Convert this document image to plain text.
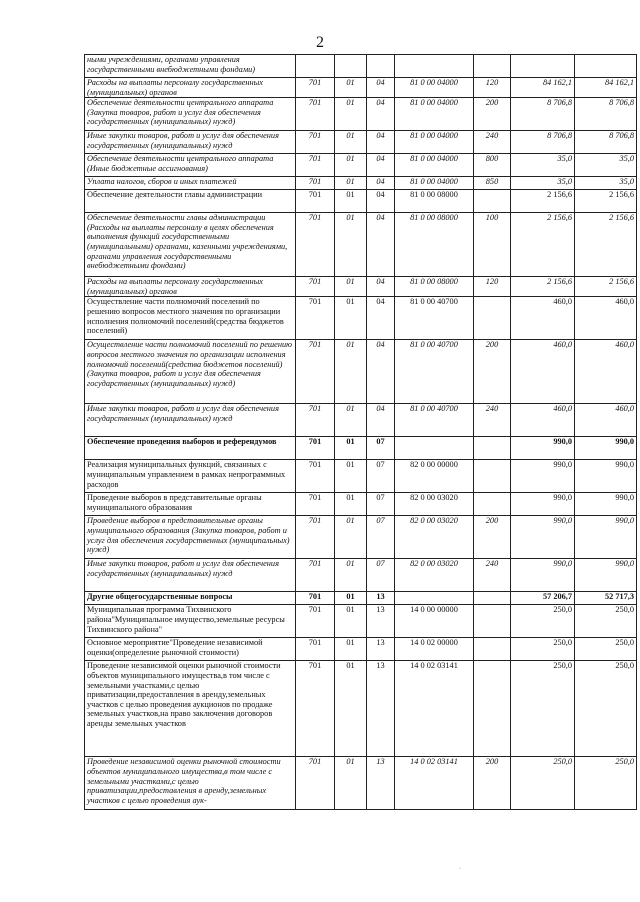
2
ными учреждениями, органами управления государственными внебюджетными фондами)							
Расходы на выплаты персоналу государственных (муниципальных) органов	701	01	04	81 0 00 04000	120	84 162,1	84 162,1
Обеспечение деятельности центрального аппарата (Закупка товаров, работ и услуг для обеспечения государственных (муниципальных) нужд)	701	01	04	81 0 00 04000	200	8 706,8	8 706,8
Иные закупки товаров, работ и услуг для обеспечения государственных (муниципальных) нужд	701	01	04	81 0 00 04000	240	8 706,8	8 706,8
Обеспечение деятельности центрального аппарата (Иные бюджетные ассигнования)	701	01	04	81 0 00 04000	800	35,0	35,0
Уплата налогов, сборов и иных платежей	701	01	04	81 0 00 04000	850	35,0	35,0
Обеспечение деятельности главы администрации	701	01	04	81 0 00 08000		2 156,6	2 156,6
Обеспечение деятельности главы администрации (Расходы на выплаты персоналу в целях обеспечения выполнения функций государственными (муниципальными) органами, казенными учреждениями, органами управления государственными внебюджетными фондами)	701	01	04	81 0 00 08000	100	2 156,6	2 156,6
Расходы на выплаты персоналу государственных (муниципальных) органов	701	01	04	81 0 00 08000	120	2 156,6	2 156,6
Осуществление части полномочий поселений по решению вопросов местного значения по организации исполнения полномочий поселений(средства бюджетов поселений)	701	01	04	81 0 00 40700		460,0	460,0
Осуществление части полномочий поселений по решению вопросов местного значения по организации исполнения полномочий поселений(средства бюджетов поселений) (Закупка товаров, работ и услуг для обеспечения государственных (муниципальных) нужд)	701	01	04	81 0 00 40700	200	460,0	460,0
Иные закупки товаров, работ и услуг для обеспечения государственных (муниципальных) нужд	701	01	04	81 0 00 40700	240	460,0	460,0
Обеспечение проведения выборов и референдумов	701	01	07			990,0	990,0
Реализация муниципальных функций, связанных с муниципальным управлением в рамках непрограммных расходов	701	01	07	82 0 00 00000		990,0	990,0
Проведение выборов в представительные органы муниципального образования	701	01	07	82 0 00 03020		990,0	990,0
Проведение выборов в представительные органы муниципального образования (Закупка товаров, работ и услуг для обеспечения государственных (муниципальных) нужд)	701	01	07	82 0 00 03020	200	990,0	990,0
Иные закупки товаров, работ и услуг для обеспечения государственных (муниципальных) нужд	701	01	07	82 0 00 03020	240	990,0	990,0
Другие общегосударственные вопросы	701	01	13			57 206,7	52 717,3
Муниципальная программа Тихвинского района"Муниципальное имущество,земельные ресурсы Тихвинского района"	701	01	13	14 0 00 00000		250,0	250,0
Основное мероприятие"Проведение независимой оценки(определение рыночной стоимости)	701	01	13	14 0 02 00000		250,0	250,0
Проведение независимой оценки рыночной стоимости объектов муниципального имущества,в том числе с земельными участками,с целью приватизации,предоставления в аренду,земельных участков с целью проведения аукционов по продаже земельных участков,на право заключения договоров аренды земельных участков	701	01	13	14 0 02 03141		250,0	250,0
Проведение независимой оценки рыночной стоимости объектов муниципального имущества,в том числе с земельными участками,с целью приватизации,предоставления в аренду,земельных участков с целью проведения аук-	701	01	13	14 0 02 03141	200	250,0	250,0
·
